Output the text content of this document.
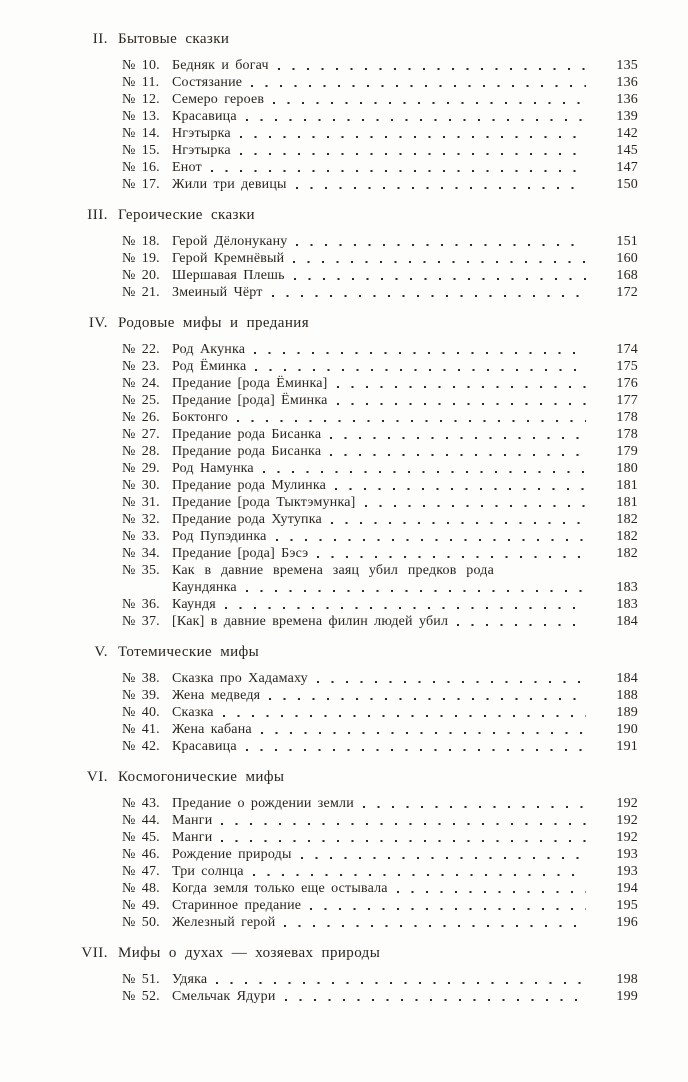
II. Бытовые сказки
№ 10. Бедняк и богач	135
№ 11. Состязание	136
№ 12. Семеро героев	136
№ 13. Красавица	139
№ 14. Нгэтырка	142
№ 15. Нгэтырка	145
№ 16. Енот	147
№ 17. Жили три девицы	150
III. Героические сказки
№ 18. Герой Дёлонукану	151
№ 19. Герой Кремнёвый	160
№ 20. Шершавая Плешь	168
№ 21. Змеиный Чёрт	172
IV. Родовые мифы и предания
№ 22. Род Акунка	174
№ 23. Род Ёминка	175
№ 24. Предание [рода Ёминка]	176
№ 25. Предание [рода] Ёминка	177
№ 26. Боктонго	178
№ 27. Предание рода Бисанка	178
№ 28. Предание рода Бисанка	179
№ 29. Род Намунка	180
№ 30. Предание рода Мулинка	181
№ 31. Предание [рода Тыктэмунка]	181
№ 32. Предание рода Хутупка	182
№ 33. Род Пупэдинка	182
№ 34. Предание [рода] Бэсэ	182
№ 35. Как в давние времена заяц убил предков рода
Каундянка	183
№ 36. Каундя	183
№ 37. [Как] в давние времена филин людей убил	184
V. Тотемические мифы
№ 38. Сказка про Хадамаху	184
№ 39. Жена медведя	188
№ 40. Сказка	189
№ 41. Жена кабана	190
№ 42. Красавица	191
VI. Космогонические мифы
№ 43. Предание о рождении земли	192
№ 44. Манги	192
№ 45. Манги	192
№ 46. Рождение природы	193
№ 47. Три солнца	193
№ 48. Когда земля только еще остывала	194
№ 49. Старинное предание	195
№ 50. Железный герой	196
VII. Мифы о духах — хозяевах природы
№ 51. Удяка	198
№ 52. Смельчак Ядури	199
